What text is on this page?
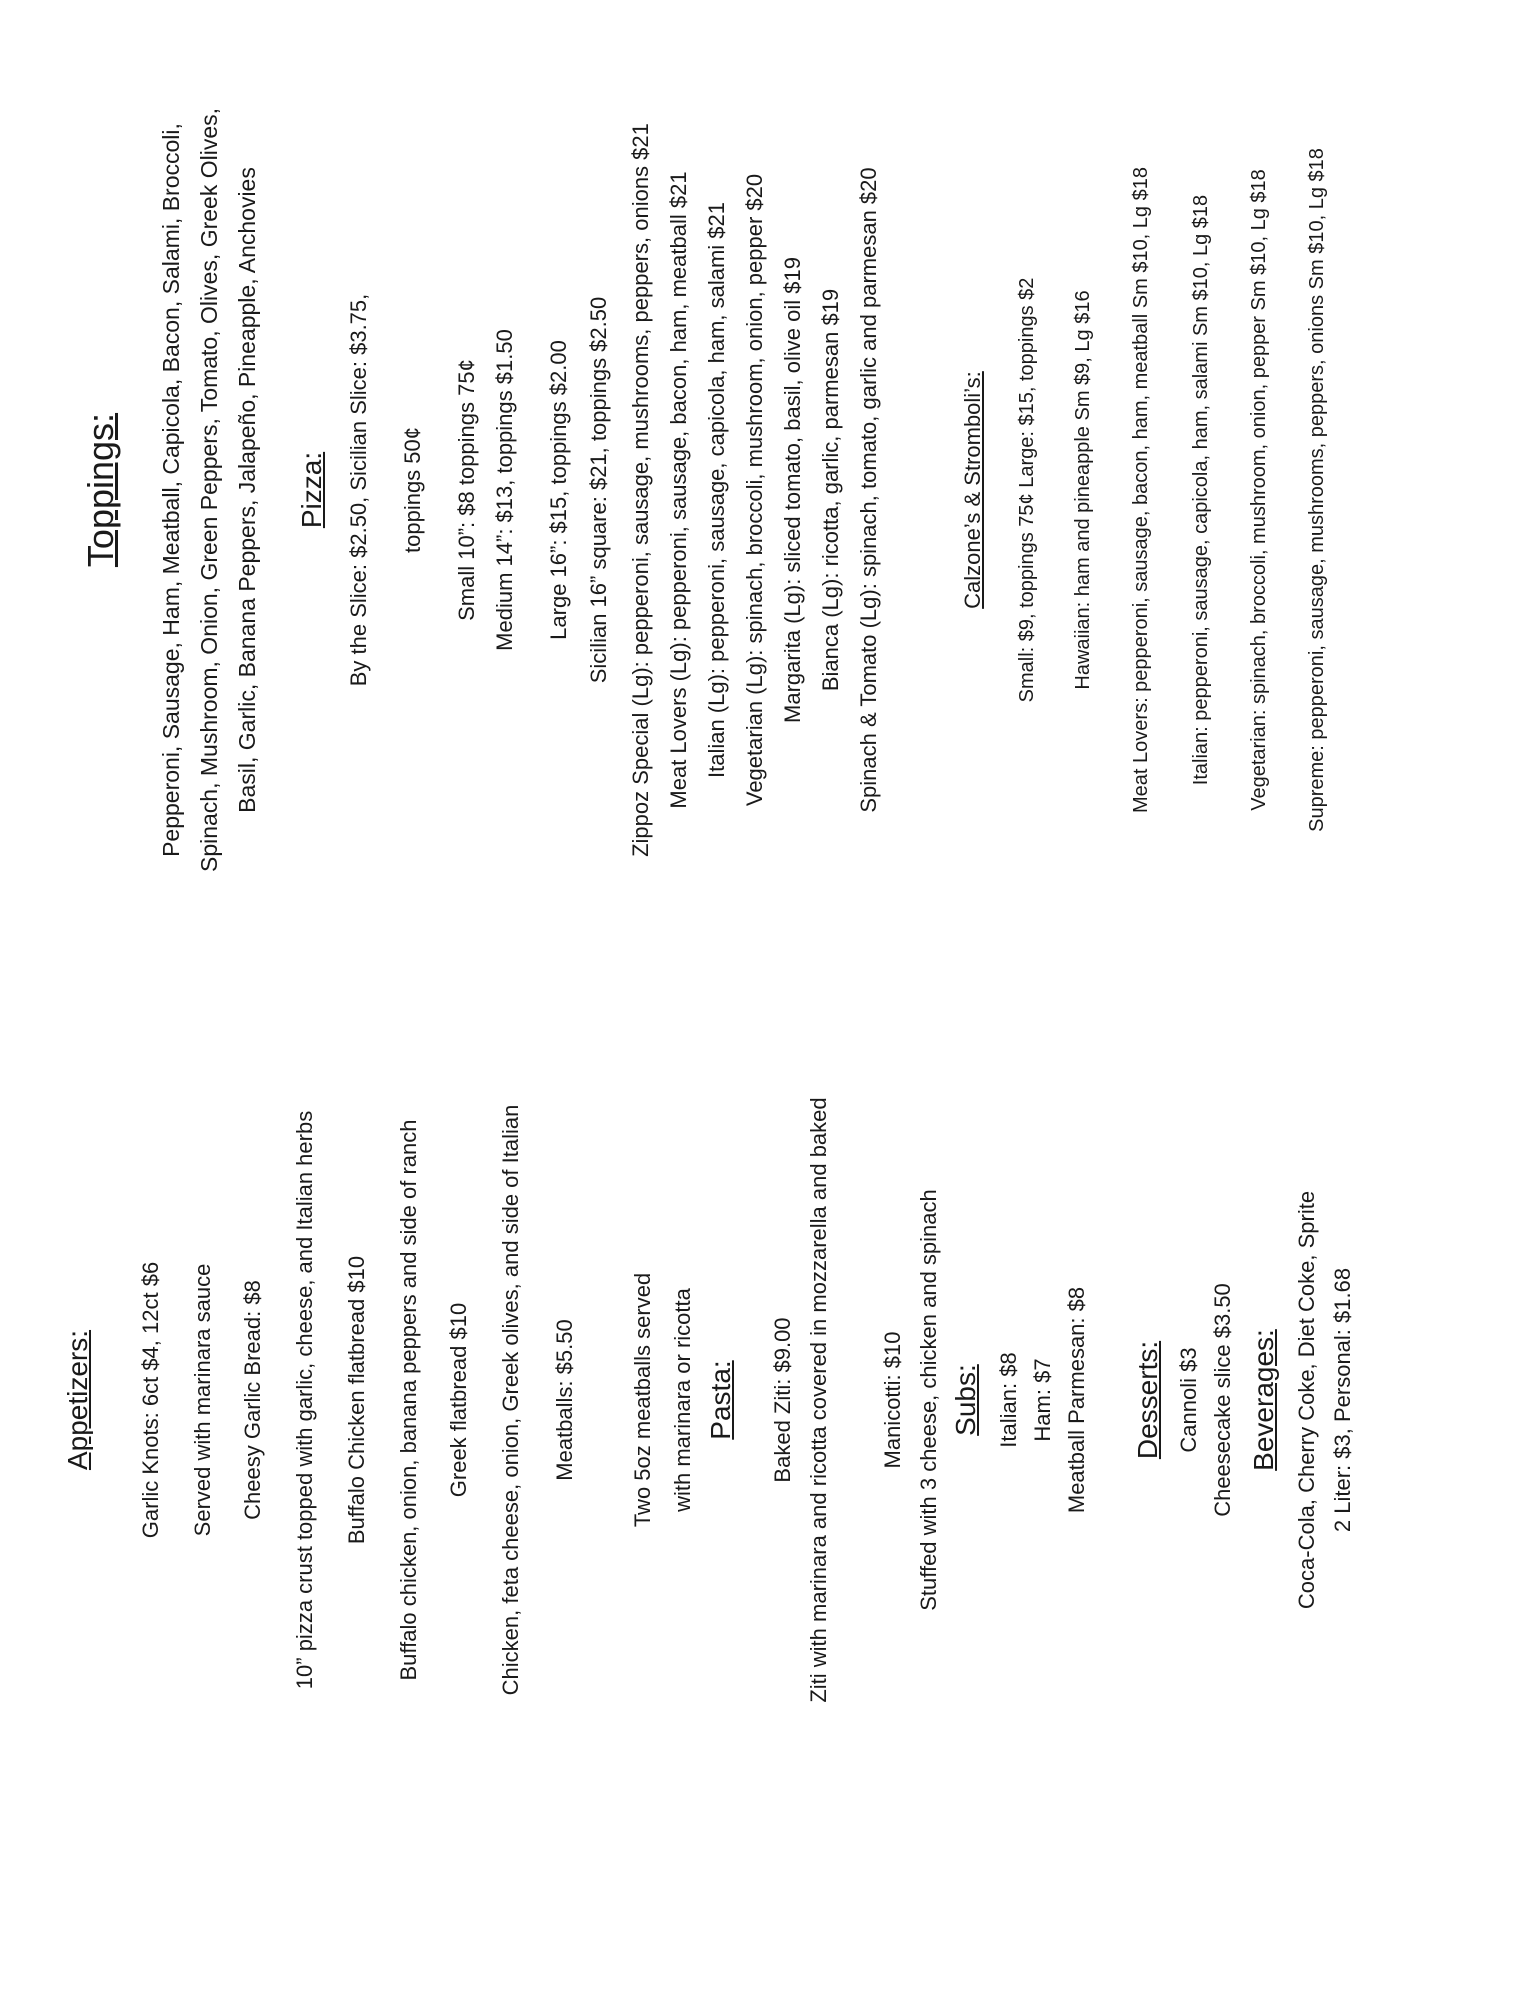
Appetizers: Garlic Knots: 6ct $4, 12ct $6 Served with marinara sauce Cheesy Garlic Bread: $8 10” pizza crust topped with garlic, cheese, and Italian herbs Buffalo Chicken flatbread $10 Buffalo chicken, onion, banana peppers and side of ranch Greek flatbread $10 Chicken, feta cheese, onion, Greek olives, and side of Italian Meatballs: $5.50 Two 5oz meatballs served with marinara or ricotta Pasta: Baked Ziti: $9.00 Ziti with marinara and ricotta covered in mozzarella and baked Manicotti: $10 Stuffed with 3 cheese, chicken and spinach Subs: Italian: $8 Ham: $7 Meatball Parmesan: $8 Desserts: Cannoli $3 Cheesecake slice $3.50 Beverages: Coca-Cola, Cherry Coke, Diet Coke, Sprite 2 Liter: $3, Personal: $1.68
Toppings: Pepperoni, Sausage, Ham, Meatball, Capicola, Bacon, Salami, Broccoli, Spinach, Mushroom, Onion, Green Peppers, Tomato, Olives, Greek Olives, Basil, Garlic, Banana Peppers, Jalapeño, Pineapple, Anchovies Pizza: By the Slice: $2.50, Sicilian Slice: $3.75, toppings 50¢ Small 10”: $8 toppings 75¢ Medium 14”: $13, toppings $1.50 Large 16”: $15, toppings $2.00 Sicilian 16” square: $21, toppings $2.50 Zippoz Special (Lg): pepperoni, sausage, mushrooms, peppers, onions $21 Meat Lovers (Lg): pepperoni, sausage, bacon, ham, meatball $21 Italian (Lg): pepperoni, sausage, capicola, ham, salami $21 Vegetarian (Lg): spinach, broccoli, mushroom, onion, pepper $20 Margarita (Lg): sliced tomato, basil, olive oil $19 Bianca (Lg): ricotta, garlic, parmesan $19 Spinach & Tomato (Lg): spinach, tomato, garlic and parmesan $20	Calzone’s & Stromboli’s: Small: $9, toppings 75¢ Large: $15, toppings $2 Hawaiian: ham and pineapple Sm $9, Lg $16 Meat Lovers: pepperoni, sausage, bacon, ham, meatball Sm $10, Lg $18 Italian: pepperoni, sausage, capicola, ham, salami Sm $10, Lg $18 Vegetarian: spinach, broccoli, mushroom, onion, pepper Sm $10, Lg $18 Supreme: pepperoni, sausage, mushrooms, peppers, onions Sm $10, Lg $18
